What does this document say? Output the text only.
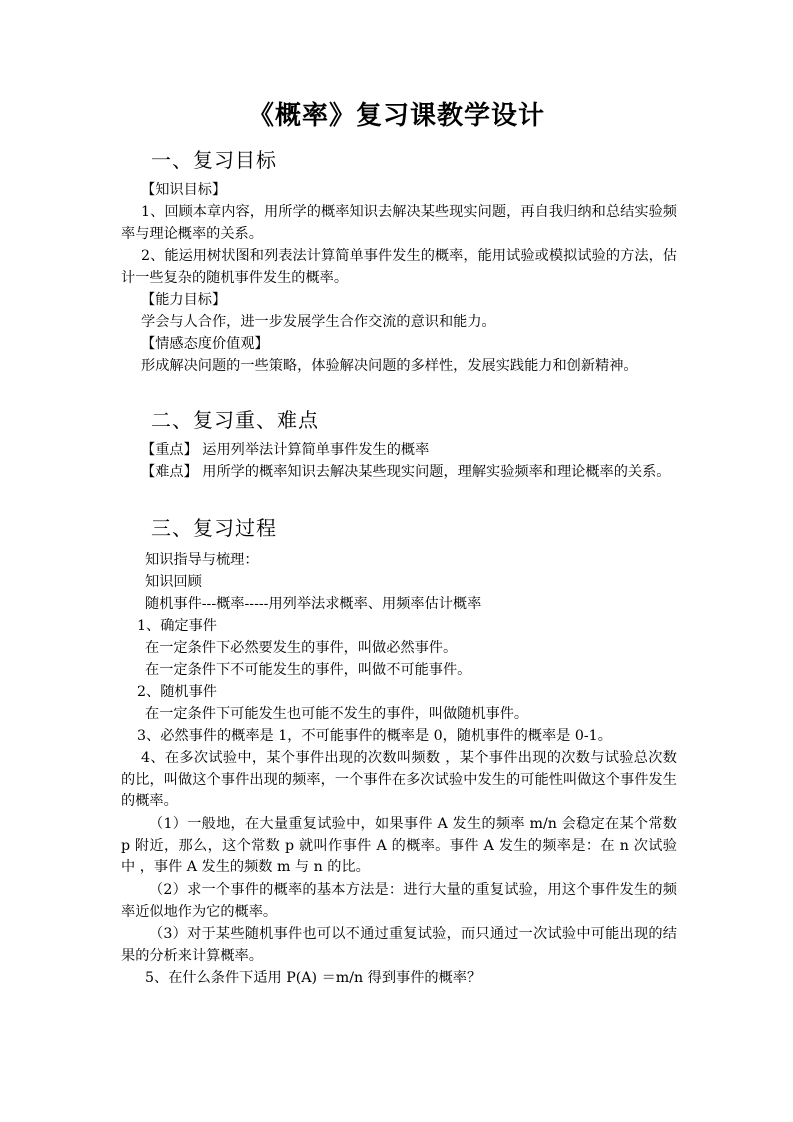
《概率》复习课教学设计
一、复习目标
【知识目标】
1、回顾本章内容，用所学的概率知识去解决某些现实问题，再自我归纳和总结实验频率与理论概率的关系。
2、能运用树状图和列表法计算简单事件发生的概率，能用试验或模拟试验的方法，估计一些复杂的随机事件发生的概率。
【能力目标】
学会与人合作，进一步发展学生合作交流的意识和能力。
【情感态度价值观】
形成解决问题的一些策略，体验解决问题的多样性，发展实践能力和创新精神。
二、复习重、难点
【重点】 运用列举法计算简单事件发生的概率
【难点】 用所学的概率知识去解决某些现实问题，理解实验频率和理论概率的关系。
三、复习过程
知识指导与梳理：
知识回顾
随机事件---概率-----用列举法求概率、用频率估计概率
1、确定事件
在一定条件下必然要发生的事件，叫做必然事件。
在一定条件下不可能发生的事件，叫做不可能事件。
2、随机事件
在一定条件下可能发生也可能不发生的事件，叫做随机事件。
3、必然事件的概率是 1，不可能事件的概率是 0，随机事件的概率是 0-1。
4、在多次试验中，某个事件出现的次数叫频数 ，某个事件出现的次数与试验总次数的比，叫做这个事件出现的频率，一个事件在多次试验中发生的可能性叫做这个事件发生的概率。
（1）一般地，在大量重复试验中，如果事件 A 发生的频率 m/n 会稳定在某个常数 p 附近，那么，这个常数 p 就叫作事件 A 的概率。事件 A 发生的频率是：在 n 次试验中 ，事件 A 发生的频数 m 与 n 的比。
（2）求一个事件的概率的基本方法是：进行大量的重复试验，用这个事件发生的频率近似地作为它的概率。
（3）对于某些随机事件也可以不通过重复试验，而只通过一次试验中可能出现的结果的分析来计算概率。
5、在什么条件下适用 P(A) ＝m/n 得到事件的概率？
